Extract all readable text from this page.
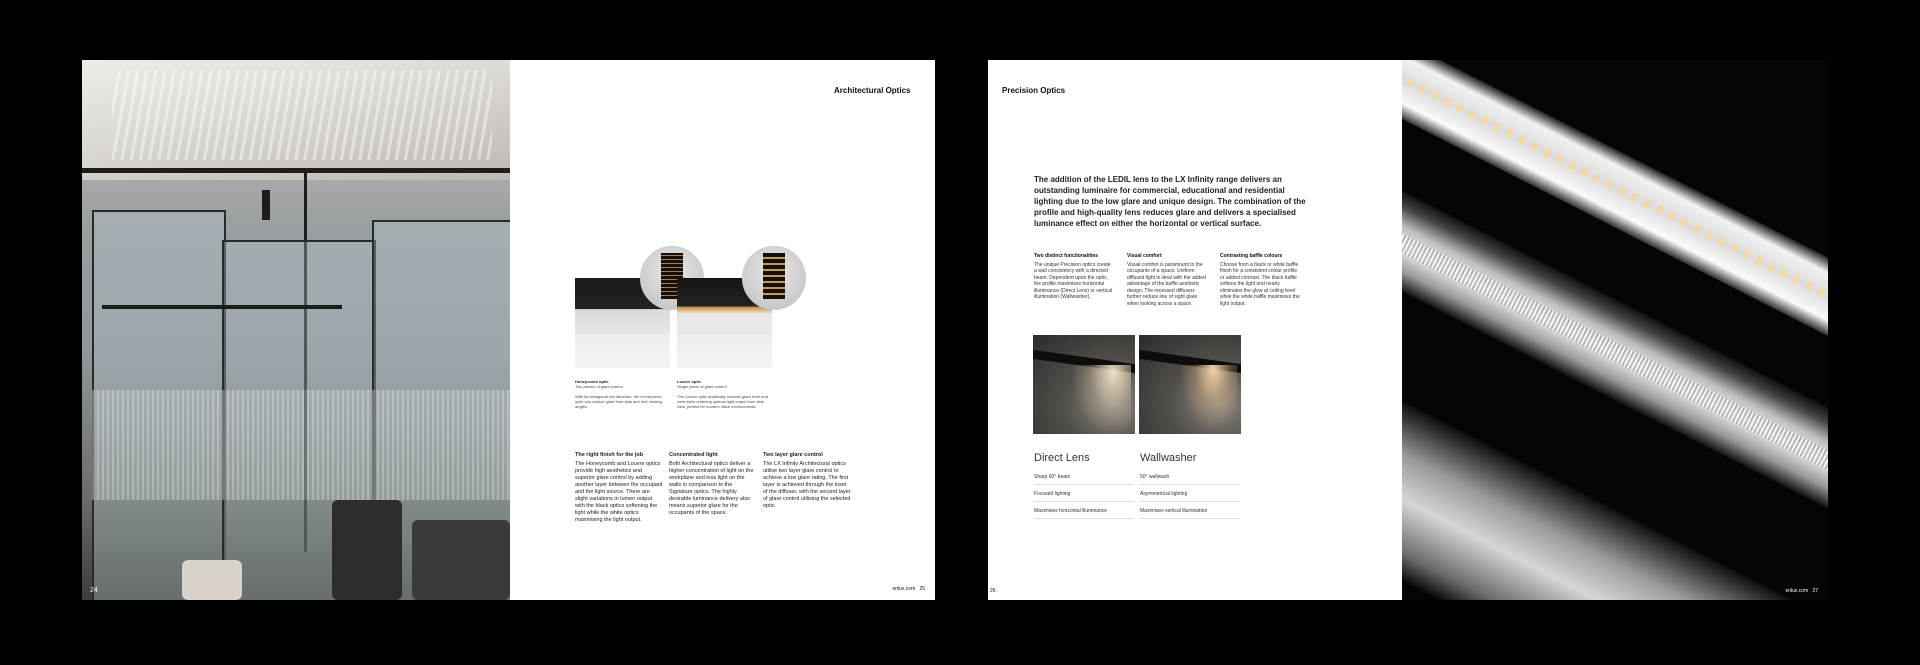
24
Architectural Optics
Honeycomb optic
Two planes of glare control

With its hexagonal cell structure, the Honeycomb optic can reduce glare from side and end viewing angles.
Louvre optic
Single plane of glare control

The Louvre optic drastically reduces glare from end view while retaining optimal light output from side view, perfect for modern office environments.
The right finish for the job
The Honeycomb and Louvre optics provide high aesthetics and superior glare control by adding another layer between the occupant and the light source. There are slight variations in lumen output with the black optics softening the light while the white optics maximising the light output.
Concentrated light
Both Architectural optics deliver a higher concentration of light on the workplane and less light on the walls in comparison to the Signature optics. The highly desirable luminance delivery also means superior glare for the occupants of the space.
Two layer glare control
The LX Infinity Architectural optics utilise two layer glare control to achieve a low glare rating. The first layer is achieved through the inset of the diffuser, with the second layer of glare control utilising the selected optic.
enlux.com 25
Precision Optics
The addition of the LEDIL lens to the LX Infinity range delivers an outstanding luminaire for commercial, educational and residential lighting due to the low glare and unique design. The combination of the profile and high-quality lens reduces glare and delivers a specialised luminance effect on either the horizontal or vertical surface.
Two distinct functionalities
The unique Precision optics create a wall consistency with a directed beam. Dependent upon the optic, the profile maximises horizontal illuminance (Direct Lens) or vertical illumination (Wallwasher).
Visual comfort
Visual comfort is paramount to the occupants of a space. Uniform diffused light is ideal with the added advantage of the baffle aesthetic design. The recessed diffusers further reduce line of sight glare when looking across a space.
Contrasting baffle colours
Choose from a black or white baffle finish for a consistent colour profile or added contrast. The black baffle softens the light and nearly eliminates the glow at ceiling level while the white baffle maximises the light output.
Direct Lens	Wallwasher
Sharp 60° beam
Focused lighting
Maximises horizontal illuminance
50° wallwash
Asymmetrical lighting
Maximises vertical illumination
26	enlux.com 27
